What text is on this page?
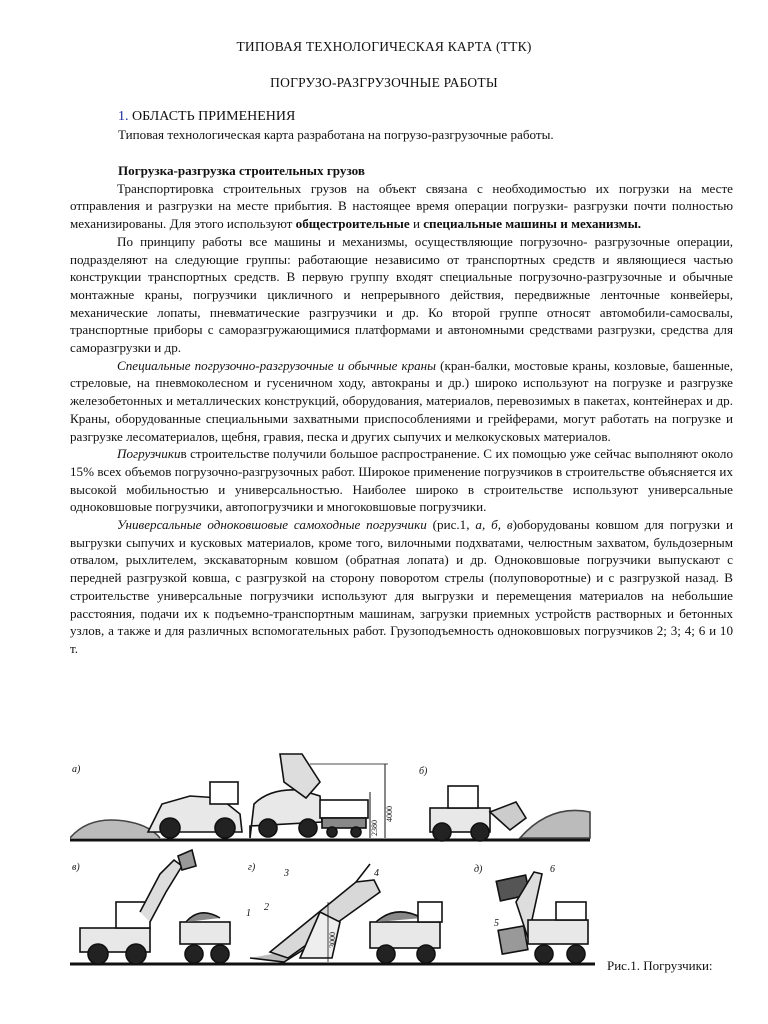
ТИПОВАЯ ТЕХНОЛОГИЧЕСКАЯ КАРТА (ТТК)
ПОГРУЗО-РАЗГРУЗОЧНЫЕ РАБОТЫ
1. ОБЛАСТЬ ПРИМЕНЕНИЯ

Типовая технологическая карта разработана на погрузо-разгрузочные работы.

Погрузка-разгрузка строительных грузов

Транспортировка строительных грузов на объект связана с необходимостью их погрузки на месте отправления и разгрузки на месте прибытия. В настоящее время операции погрузки- разгрузки почти полностью механизированы. Для этого используют общестроительные и специальные машины и механизмы.

По принципу работы все машины и механизмы, осуществляющие погрузочно- разгрузочные операции, подразделяют на следующие группы: работающие независимо от транспортных средств и являющиеся частью конструкции транспортных средств. В первую группу входят специальные погрузочно-разгрузочные и обычные монтажные краны, погрузчики цикличного и непрерывного действия, передвижные ленточные конвейеры, механические лопаты, пневматические разгрузчики и др. Ко второй группе относят автомобили-самосвалы, транспортные приборы с саморазгружающимися платформами и автономными средствами разгрузки, средства для саморазгрузки и др.

Специальные погрузочно-разгрузочные и обычные краны (кран-балки, мостовые краны, козловые, башенные, стреловые, на пневмоколесном и гусеничном ходу, автокраны и др.) широко используют на погрузке и разгрузке железобетонных и металлических конструкций, оборудования, материалов, перевозимых в пакетах, контейнерах и др. Краны, оборудованные специальными захватными приспособлениями и грейферами, могут работать на погрузке и разгрузке лесоматериалов, щебня, гравия, песка и других сыпучих и мелкокусковых материалов.

Погрузчикив строительстве получили большое распространение. С их помощью уже сейчас выполняют около 15% всех объемов погрузочно-разгрузочных работ. Широкое применение погрузчиков в строительстве объясняется их высокой мобильностью и универсальностью. Наиболее широко в строительстве используют универсальные одноковшовые погрузчики, автопогрузчики и многоковшовые погрузчики.

Универсальные одноковшовые самоходные погрузчики (рис.1, а, б, в)оборудованы ковшом для погрузки и выгрузки сыпучих и кусковых материалов, кроме того, вилочными подхватами, челюстным захватом, бульдозерным отвалом, рыхлителем, экскаваторным ковшом (обратная лопата) и др. Одноковшовые погрузчики выпускают с передней разгрузкой ковша, с разгрузкой на сторону поворотом стрелы (полуповоротные) и с разгрузкой назад. В строительстве универсальные погрузчики используют для выгрузки и перемещения материалов на небольшие расстояния, подачи их к подъемно-транспортным машинам, загрузки приемных устройств растворных и бетонных узлов, а также и для различных вспомогательных работ. Грузоподъемность одноковшовых погрузчиков 2; 3; 4; 6 и 10 т.

а)	б)
в)	г)	д)
2380
4000
3000
1
2
3	4
5
6
Рис.1. Погрузчики:
